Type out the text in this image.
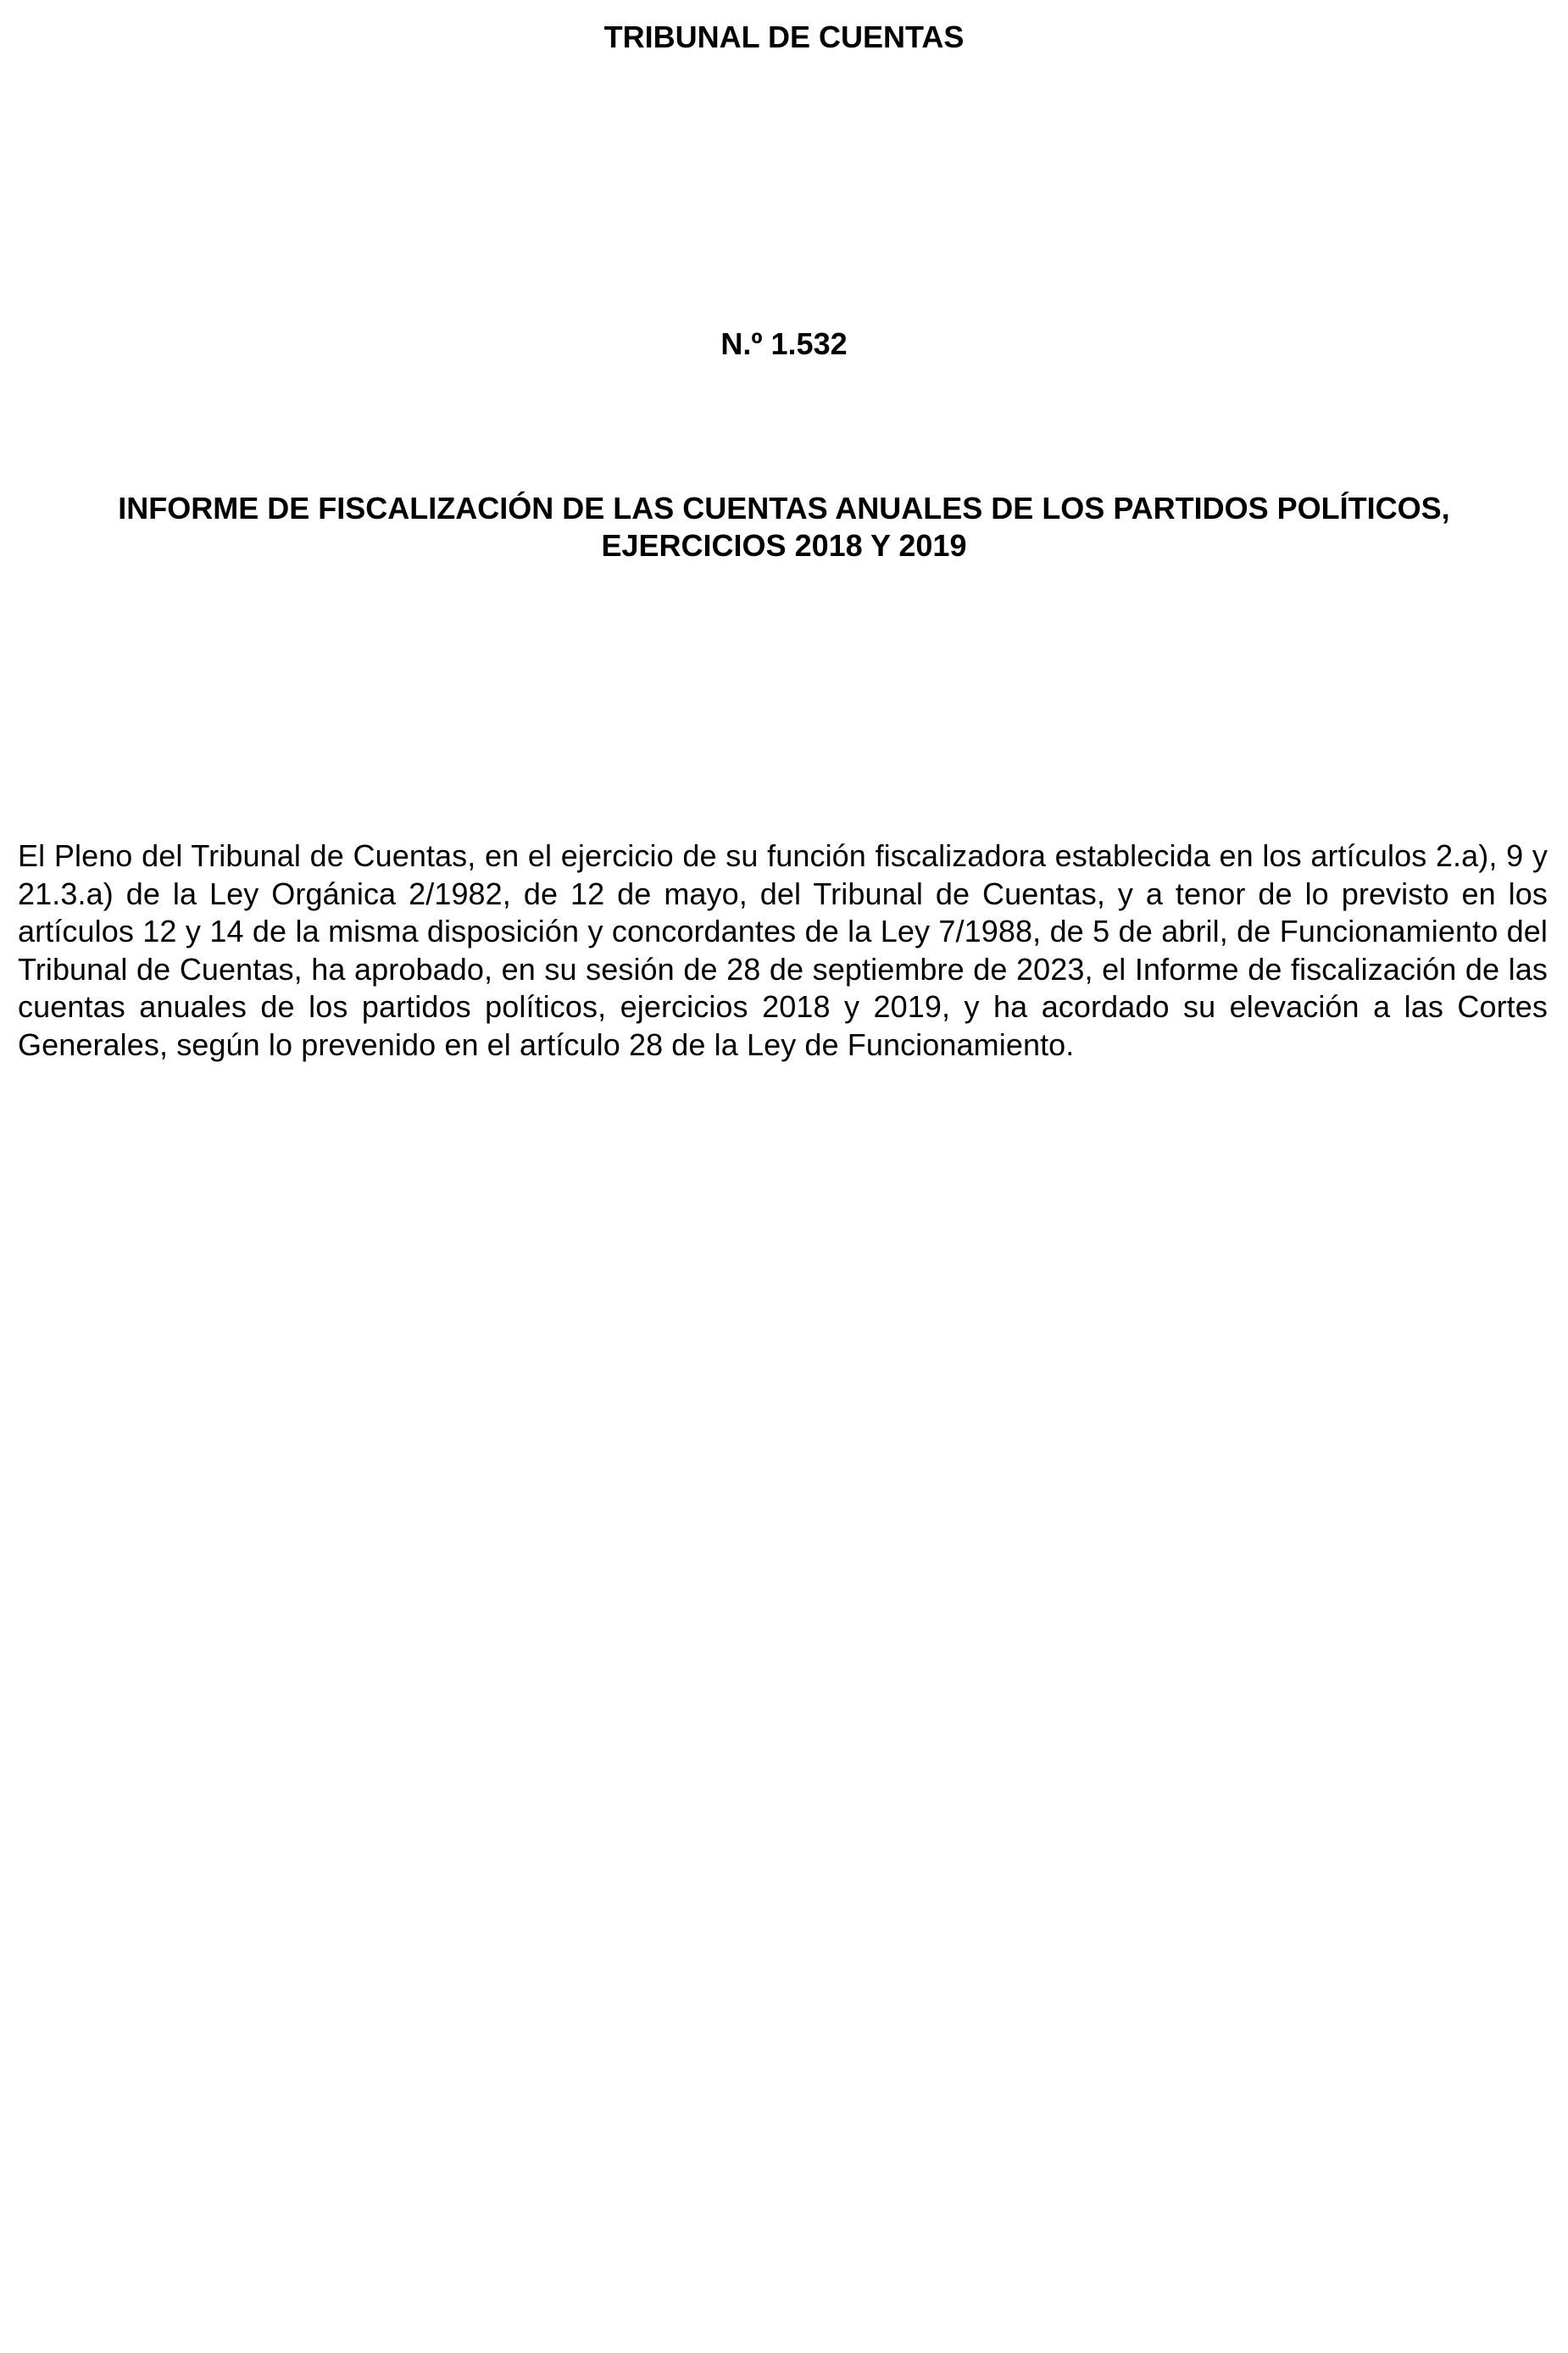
TRIBUNAL DE CUENTAS
N.º 1.532
INFORME DE FISCALIZACIÓN DE LAS CUENTAS ANUALES DE LOS PARTIDOS POLÍTICOS,
EJERCICIOS 2018 Y 2019

El Pleno del Tribunal de Cuentas, en el ejercicio de su función fiscalizadora establecida en los artículos 2.a), 9 y 21.3.a) de la Ley Orgánica 2/1982, de 12 de mayo, del Tribunal de Cuentas, y a tenor de lo previsto en los artículos 12 y 14 de la misma disposición y concordantes de la Ley 7/1988, de 5 de abril, de Funcionamiento del Tribunal de Cuentas, ha aprobado, en su sesión de 28 de septiembre de 2023, el Informe de fiscalización de las cuentas anuales de los partidos políticos, ejercicios 2018 y 2019, y ha acordado su elevación a las Cortes Generales, según lo prevenido en el artículo 28 de la Ley de Funcionamiento.
